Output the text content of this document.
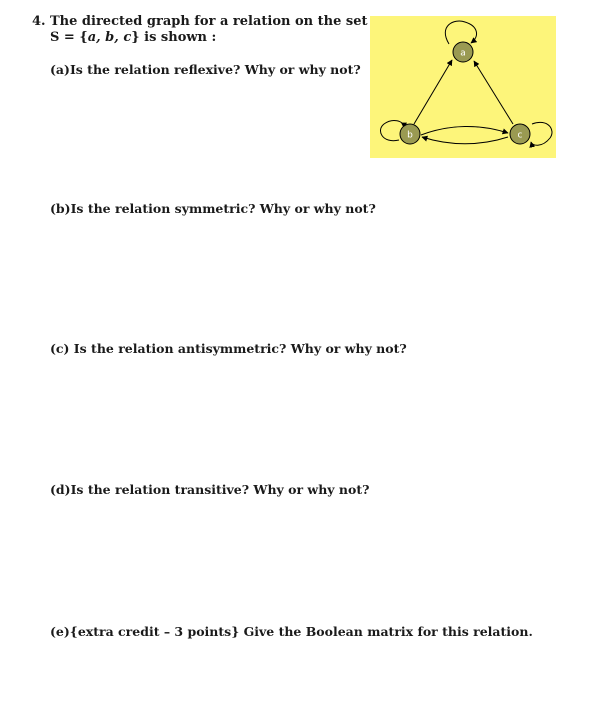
4. The directed graph for a relation on the set
S = {a, b, c} is shown :
(a)Is the relation reflexive? Why or why not?
(b)Is the relation symmetric? Why or why not?
(c) Is the relation antisymmetric? Why or why not?
(d)Is the relation transitive? Why or why not?
(e){extra credit – 3 points} Give the Boolean matrix for this relation.
a
b	c
